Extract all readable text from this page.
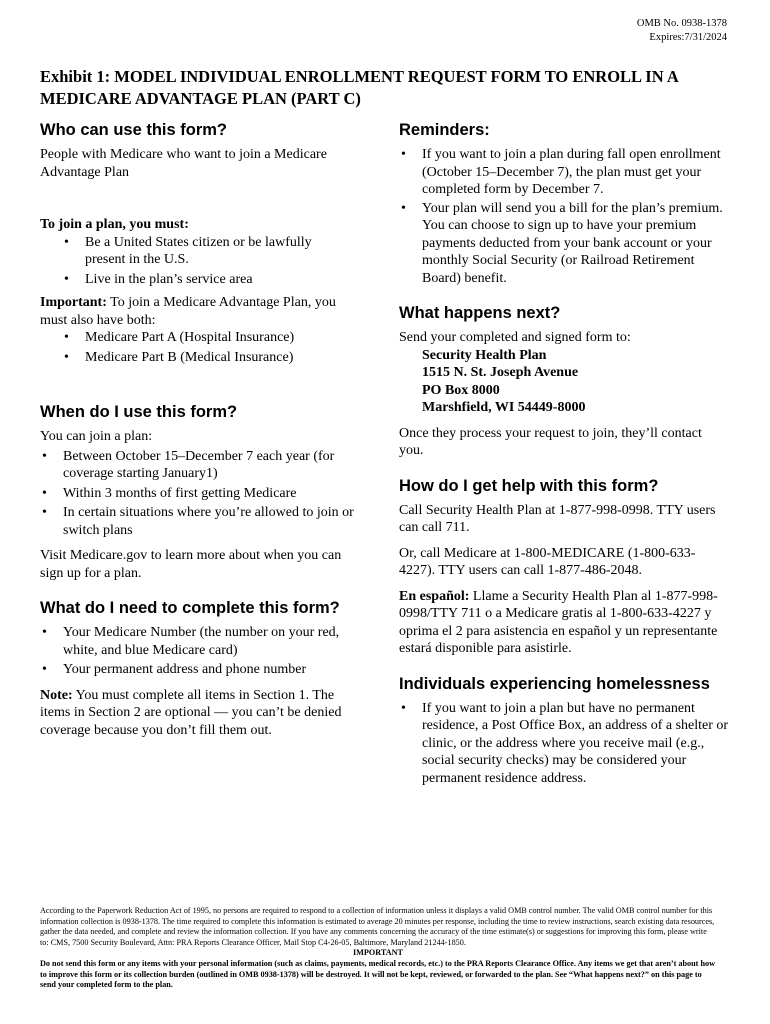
OMB No. 0938-1378
Expires:7/31/2024
Exhibit 1: MODEL INDIVIDUAL ENROLLMENT REQUEST FORM TO ENROLL IN A MEDICARE ADVANTAGE PLAN (PART C)
Who can use this form?

People with Medicare who want to join a Medicare Advantage Plan

To join a plan, you must:

• Be a United States citizen or be lawfully present in the U.S.
• Live in the plan’s service area

Important: To join a Medicare Advantage Plan, you must also have both:

• Medicare Part A (Hospital Insurance)
• Medicare Part B (Medical Insurance)
When do I use this form?

You can join a plan:

• Between October 15–December 7 each year (for coverage starting January1)
• Within 3 months of first getting Medicare
• In certain situations where you’re allowed to join or switch plans

Visit Medicare.gov to learn more about when you can sign up for a plan.

What do I need to complete this form?
• Your Medicare Number (the number on your red, white, and blue Medicare card)
• Your permanent address and phone number

Note: You must complete all items in Section 1. The items in Section 2 are optional — you can’t be denied coverage because you don’t fill them out.

Reminders:
• If you want to join a plan during fall open enrollment (October 15–December 7), the plan must get your completed form by December 7.
• Your plan will send you a bill for the plan’s premium. You can choose to sign up to have your premium payments deducted from your bank account or your monthly Social Security (or Railroad Retirement Board) benefit.
What happens next?

Send your completed and signed form to:

Security Health Plan

1515 N. St. Joseph Avenue

PO Box 8000

Marshfield, WI 54449-8000

Once they process your request to join, they’ll contact you.

How do I get help with this form?

Call Security Health Plan at 1-877-998-0998. TTY users can call 711.

Or, call Medicare at 1-800-MEDICARE (1-800-633-4227). TTY users can call 1-877-486-2048.

En español: Llame a Security Health Plan al 1-877-998-0998/TTY 711 o a Medicare gratis al 1-800-633-4227 y oprima el 2 para asistencia en español y un representante estará disponible para asistirle.

Individuals experiencing homelessness
• If you want to join a plan but have no permanent residence, a Post Office Box, an address of a shelter or clinic, or the address where you receive mail (e.g., social security checks) may be considered your permanent residence address.
According to the Paperwork Reduction Act of 1995, no persons are required to respond to a collection of information unless it displays a valid OMB control number. The valid OMB control number for this information collection is 0938-1378. The time required to complete this information is estimated to average 20 minutes per response, including the time to review instructions, search existing data resources, gather the data needed, and complete and review the information collection. If you have any comments concerning the accuracy of the time estimate(s) or suggestions for improving this form, please write to: CMS, 7500 Security Boulevard, Attn: PRA Reports Clearance Officer, Mail Stop C4-26-05, Baltimore, Maryland 21244-1850.
IMPORTANT
Do not send this form or any items with your personal information (such as claims, payments, medical records, etc.) to the PRA Reports Clearance Office. Any items we get that aren’t about how to improve this form or its collection burden (outlined in OMB 0938-1378) will be destroyed. It will not be kept, reviewed, or forwarded to the plan. See “What happens next?” on this page to send your completed form to the plan.
